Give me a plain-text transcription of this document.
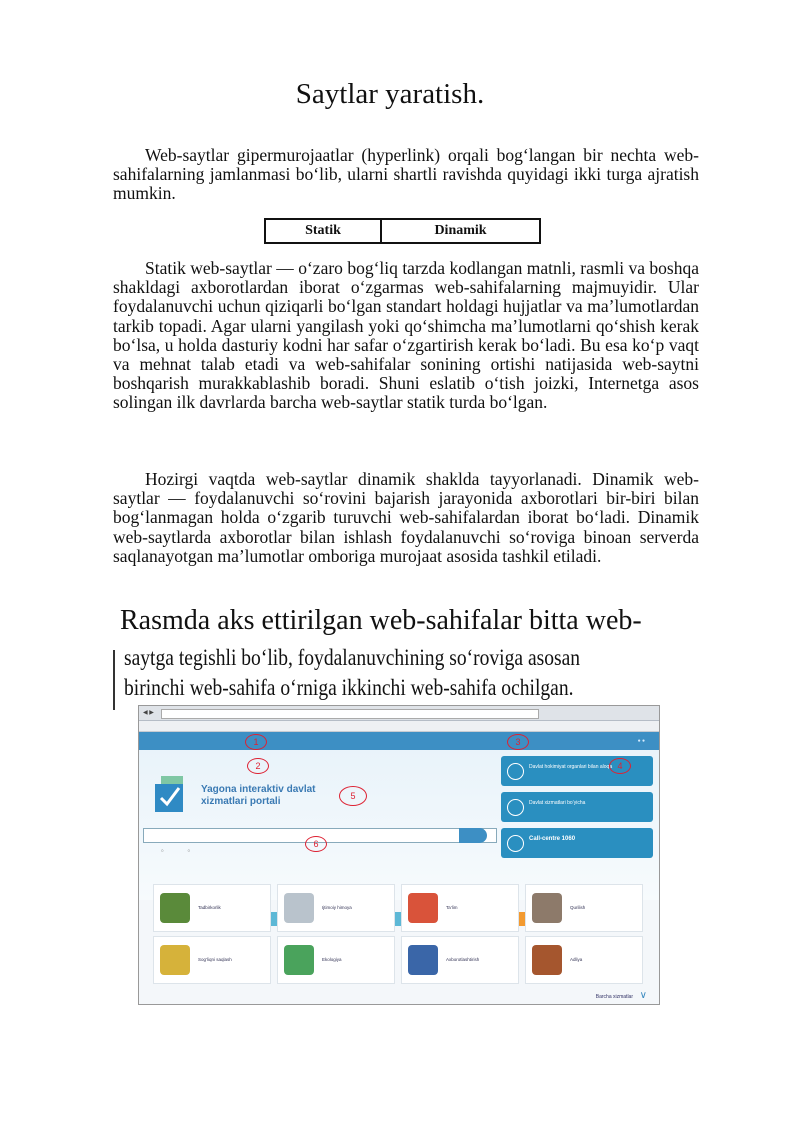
Saytlar yaratish.
Web-saytlar gipermurojaatlar (hyperlink) orqali bog‘langan bir nechta web-sahifalarning jamlanmasi bo‘lib, ularni shartli ravishda quyidagi ikki turga ajratish mumkin.
Statik	Dinamik
Statik web-saytlar — o‘zaro bog‘liq tarzda kodlangan matnli, rasmli va boshqa shakldagi axborotlardan iborat o‘zgarmas web-sahifalarning majmuyidir. Ular foydalanuvchi uchun qiziqarli bo‘lgan standart holdagi hujjatlar va ma’lumotlardan tarkib topadi. Agar ularni yangilash yoki qo‘shimcha ma’lumotlarni qo‘shish kerak bo‘lsa, u holda dasturiy kodni har safar o‘zgartirish kerak bo‘ladi. Bu esa ko‘p vaqt va mehnat talab etadi va web-sahifalar sonining ortishi natijasida web-saytni boshqarish murakkablashib boradi. Shuni eslatib o‘tish joizki, Internetga asos solingan ilk davrlarda barcha web-saytlar statik turda bo‘lgan.
Hozirgi vaqtda web-saytlar dinamik shaklda tayyorlanadi. Dinamik web-saytlar — foydalanuvchi so‘rovini bajarish jarayonida axborotlari bir-biri bilan bog‘lanmagan holda o‘zgarib turuvchi web-sahifalardan iborat bo‘ladi. Dinamik web-saytlarda axborotlar bilan ishlash foydalanuvchi so‘roviga binoan serverda saqlanayotgan ma’lumotlar omboriga murojaat asosida tashkil etiladi.
Rasmda aks ettirilgan web-sahifalar bitta web-
saytga tegishli bo‘lib, foydalanuvchining so‘roviga asosan
birinchi web-sahifa o‘rniga ikkinchi web-sahifa ochilgan.
◀ ▶
● ●
Yagona interaktiv davlat
xizmatlari portali
○                   ○
Davlat hokimiyat organlari bilan aloqa
Davlat xizmatlari bo‘yicha
Call-centre 1060
Tadbirkorlik	Ijtimoiy himoya	Ta’lim	Qurilish
Sog‘liqni saqlash	Ekologiya	Axborotlashtirish	Adliya
Barcha xizmatlar ∨
1
2
3
4
5
6
